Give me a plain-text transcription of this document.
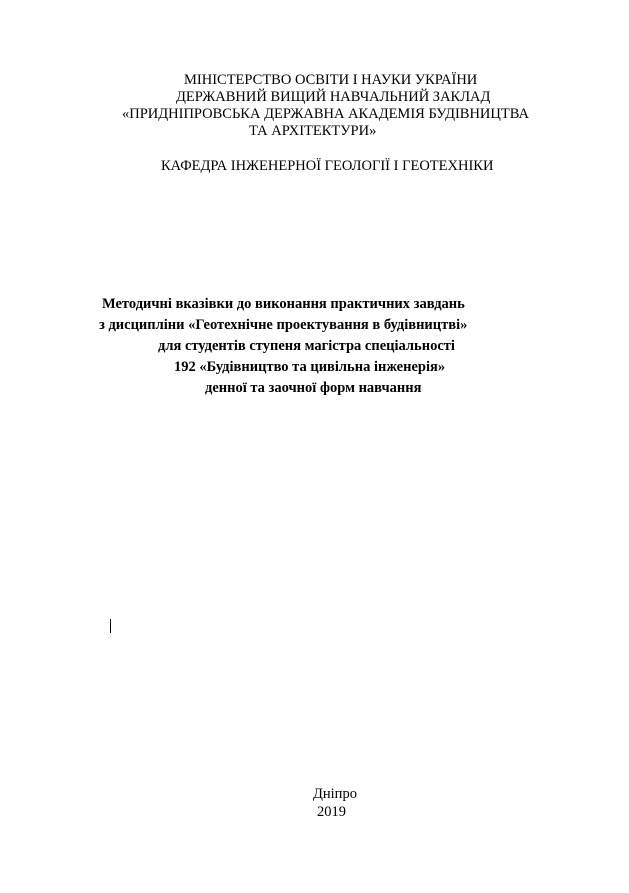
МІНІСТЕРСТВО ОСВІТИ І НАУКИ УКРАЇНИ
ДЕРЖАВНИЙ ВИЩИЙ НАВЧАЛЬНИЙ ЗАКЛАД
«ПРИДНІПРОВСЬКА ДЕРЖАВНА АКАДЕМІЯ БУДІВНИЦТВА
ТА АРХІТЕКТУРИ»
КАФЕДРА ІНЖЕНЕРНОЇ ГЕОЛОГІЇ І ГЕОТЕХНІКИ
Методичні вказівки до виконання практичних завдань
з дисципліни «Геотехнічне проектування в будівництві»
для студентів ступеня магістра спеціальності
192 «Будівництво та цивільна інженерія»
денної та заочної форм навчання
Дніпро
2019
